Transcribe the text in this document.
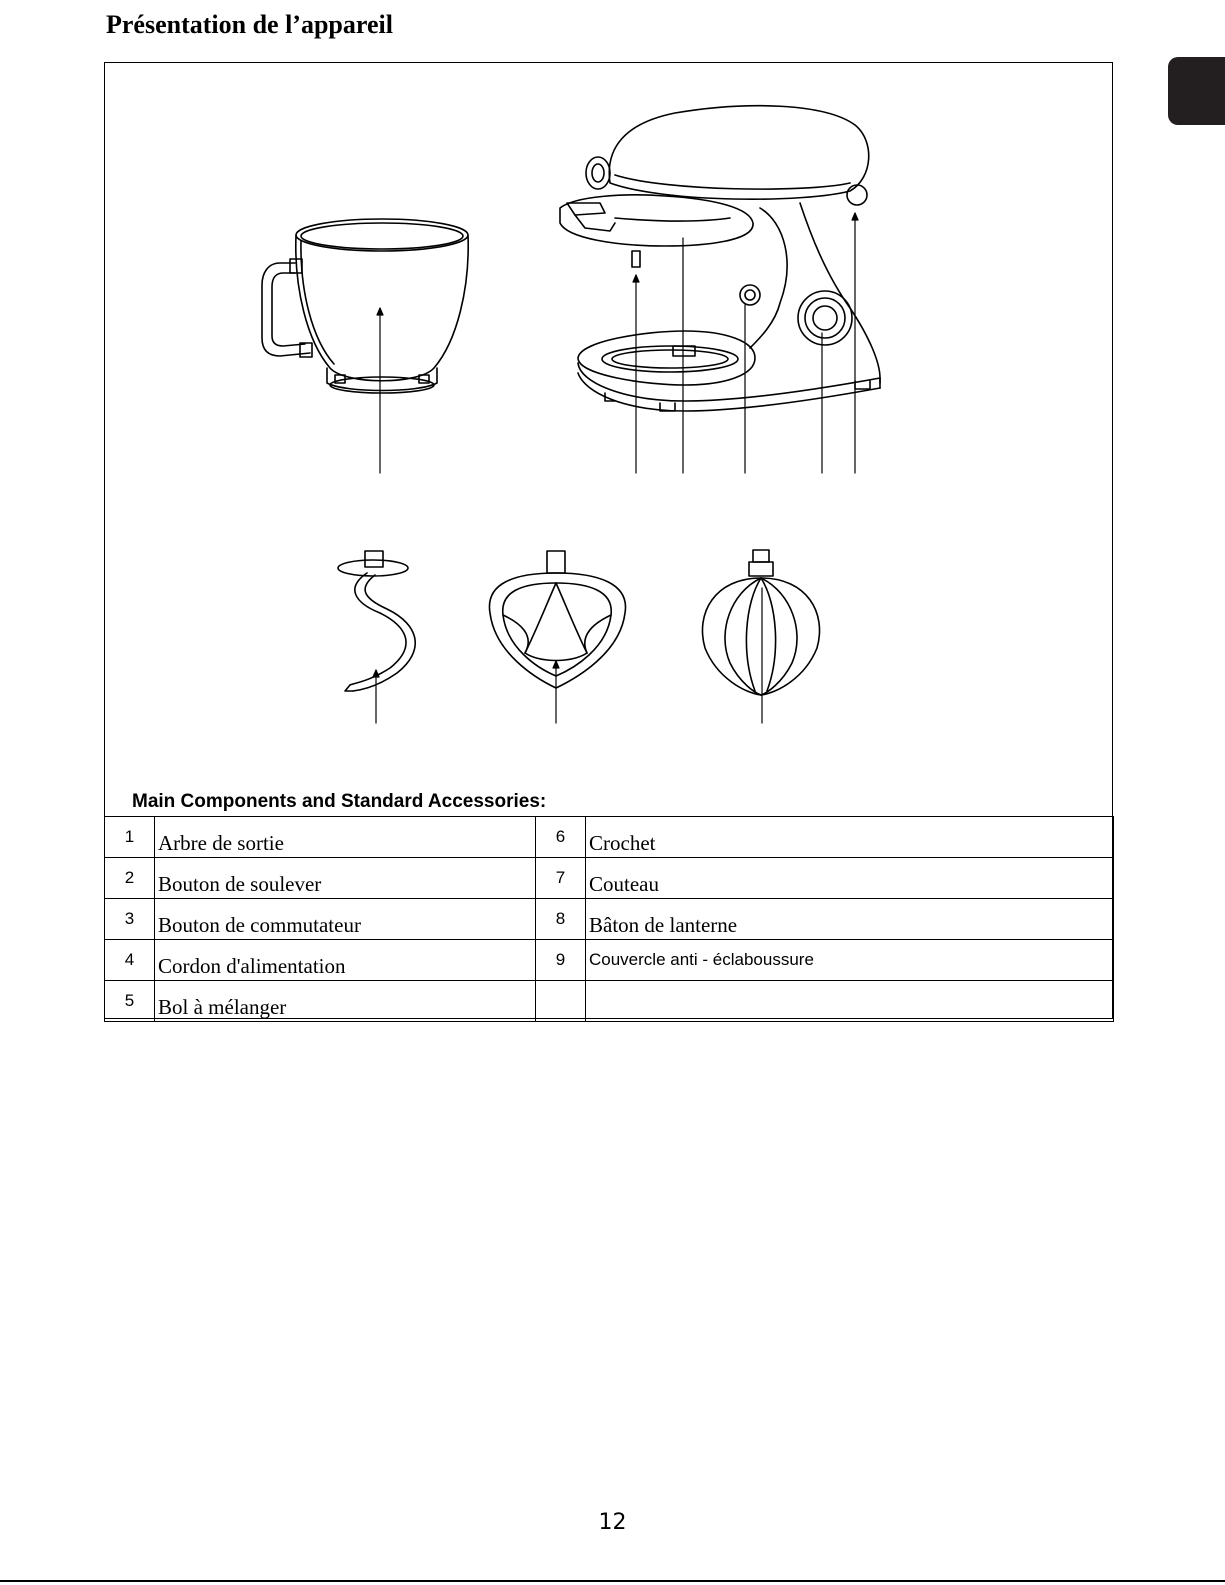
Présentation de l’appareil
Main Components and Standard Accessories:
1	Arbre de sortie	6	Crochet
2	Bouton de soulever	7	Couteau
3	Bouton de commutateur	8	Bâton de lanterne
4	Cordon d'alimentation	9	Couvercle anti - éclaboussure
5	Bol à mélanger		
12
